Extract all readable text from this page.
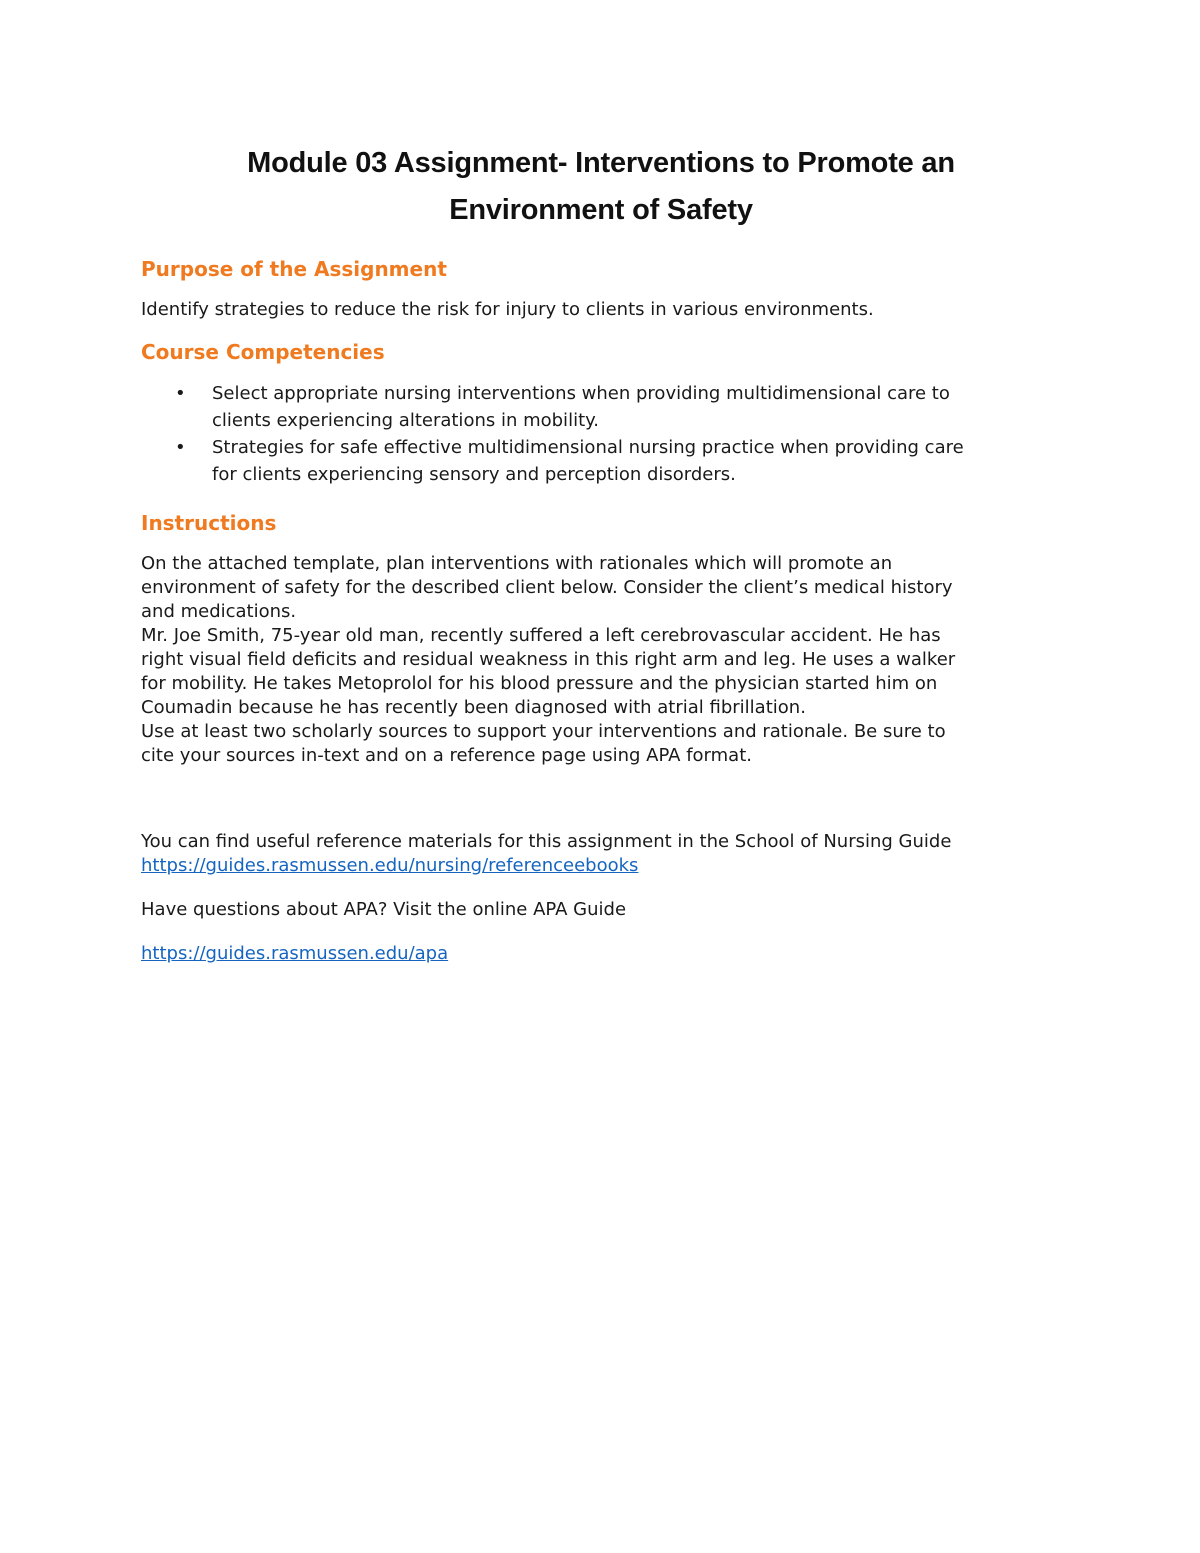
Module 03 Assignment- Interventions to Promote an
Environment of Safety
Purpose of the Assignment

Identify strategies to reduce the risk for injury to clients in various environments.

Course Competencies
• Select appropriate nursing interventions when providing multidimensional care to
clients experiencing alterations in mobility.
• Strategies for safe effective multidimensional nursing practice when providing care
for clients experiencing sensory and perception disorders.
Instructions

On the attached template, plan interventions with rationales which will promote an

environment of safety for the described client below. Consider the client’s medical history

and medications.

Mr. Joe Smith, 75-year old man, recently suffered a left cerebrovascular accident. He has

right visual field deficits and residual weakness in this right arm and leg. He uses a walker

for mobility. He takes Metoprolol for his blood pressure and the physician started him on

Coumadin because he has recently been diagnosed with atrial fibrillation.

Use at least two scholarly sources to support your interventions and rationale. Be sure to

cite your sources in-text and on a reference page using APA format.

You can find useful reference materials for this assignment in the School of Nursing Guide

https://guides.rasmussen.edu/nursing/referenceebooks

Have questions about APA? Visit the online APA Guide

https://guides.rasmussen.edu/apa
